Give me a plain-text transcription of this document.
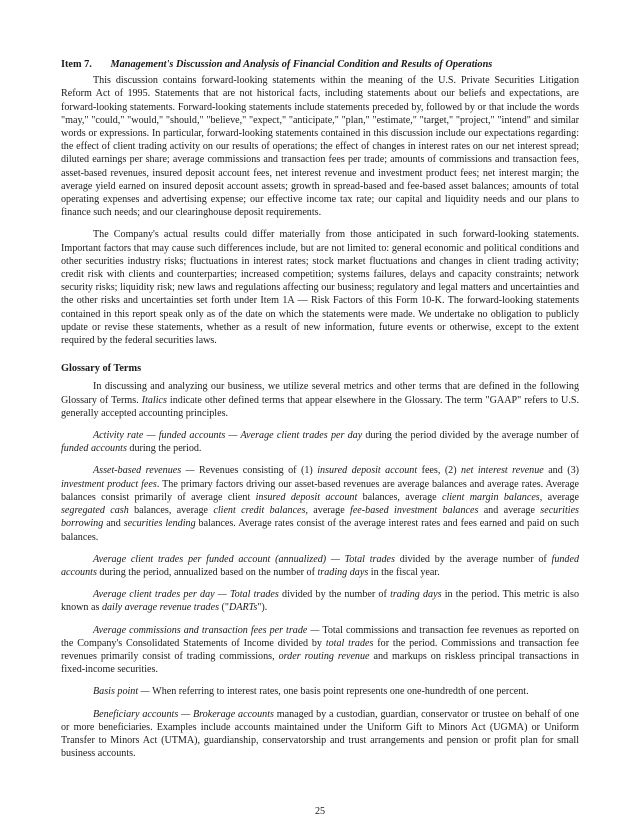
Item 7. Management's Discussion and Analysis of Financial Condition and Results of Operations

This discussion contains forward-looking statements within the meaning of the U.S. Private Securities Litigation Reform Act of 1995. Statements that are not historical facts, including statements about our beliefs and expectations, are forward-looking statements. Forward-looking statements include statements preceded by, followed by or that include the words "may," "could," "would," "should," "believe," "expect," "anticipate," "plan," "estimate," "target," "project," "intend" and similar words or expressions. In particular, forward-looking statements contained in this discussion include our expectations regarding: the effect of client trading activity on our results of operations; the effect of changes in interest rates on our net interest spread; diluted earnings per share; average commissions and transaction fees per trade; amounts of commissions and transaction fees, asset-based revenues, insured deposit account fees, net interest revenue and investment product fees; net interest margin; the average yield earned on insured deposit account assets; growth in spread-based and fee-based asset balances; amounts of total operating expenses and advertising expense; our effective income tax rate; our capital and liquidity needs and our plans to finance such needs; and our clearinghouse deposit requirements.

The Company's actual results could differ materially from those anticipated in such forward-looking statements. Important factors that may cause such differences include, but are not limited to: general economic and political conditions and other securities industry risks; fluctuations in interest rates; stock market fluctuations and changes in client trading activity; credit risk with clients and counterparties; increased competition; systems failures, delays and capacity constraints; network security risks; liquidity risk; new laws and regulations affecting our business; regulatory and legal matters and uncertainties and the other risks and uncertainties set forth under Item 1A — Risk Factors of this Form 10-K. The forward-looking statements contained in this report speak only as of the date on which the statements were made. We undertake no obligation to publicly update or revise these statements, whether as a result of new information, future events or otherwise, except to the extent required by the federal securities laws.

Glossary of Terms

In discussing and analyzing our business, we utilize several metrics and other terms that are defined in the following Glossary of Terms. Italics indicate other defined terms that appear elsewhere in the Glossary. The term "GAAP" refers to U.S. generally accepted accounting principles.

Activity rate — funded accounts — Average client trades per day during the period divided by the average number of funded accounts during the period.

Asset-based revenues — Revenues consisting of (1) insured deposit account fees, (2) net interest revenue and (3) investment product fees. The primary factors driving our asset-based revenues are average balances and average rates. Average balances consist primarily of average client insured deposit account balances, average client margin balances, average segregated cash balances, average client credit balances, average fee-based investment balances and average securities borrowing and securities lending balances. Average rates consist of the average interest rates and fees earned and paid on such balances.

Average client trades per funded account (annualized) — Total trades divided by the average number of funded accounts during the period, annualized based on the number of trading days in the fiscal year.

Average client trades per day — Total trades divided by the number of trading days in the period. This metric is also known as daily average revenue trades ("DARTs").

Average commissions and transaction fees per trade — Total commissions and transaction fee revenues as reported on the Company's Consolidated Statements of Income divided by total trades for the period. Commissions and transaction fee revenues primarily consist of trading commissions, order routing revenue and markups on riskless principal transactions in fixed-income securities.

Basis point — When referring to interest rates, one basis point represents one one-hundredth of one percent.

Beneficiary accounts — Brokerage accounts managed by a custodian, guardian, conservator or trustee on behalf of one or more beneficiaries. Examples include accounts maintained under the Uniform Gift to Minors Act (UGMA) or Uniform Transfer to Minors Act (UTMA), guardianship, conservatorship and trust arrangements and pension or profit plan for small business accounts.

25
